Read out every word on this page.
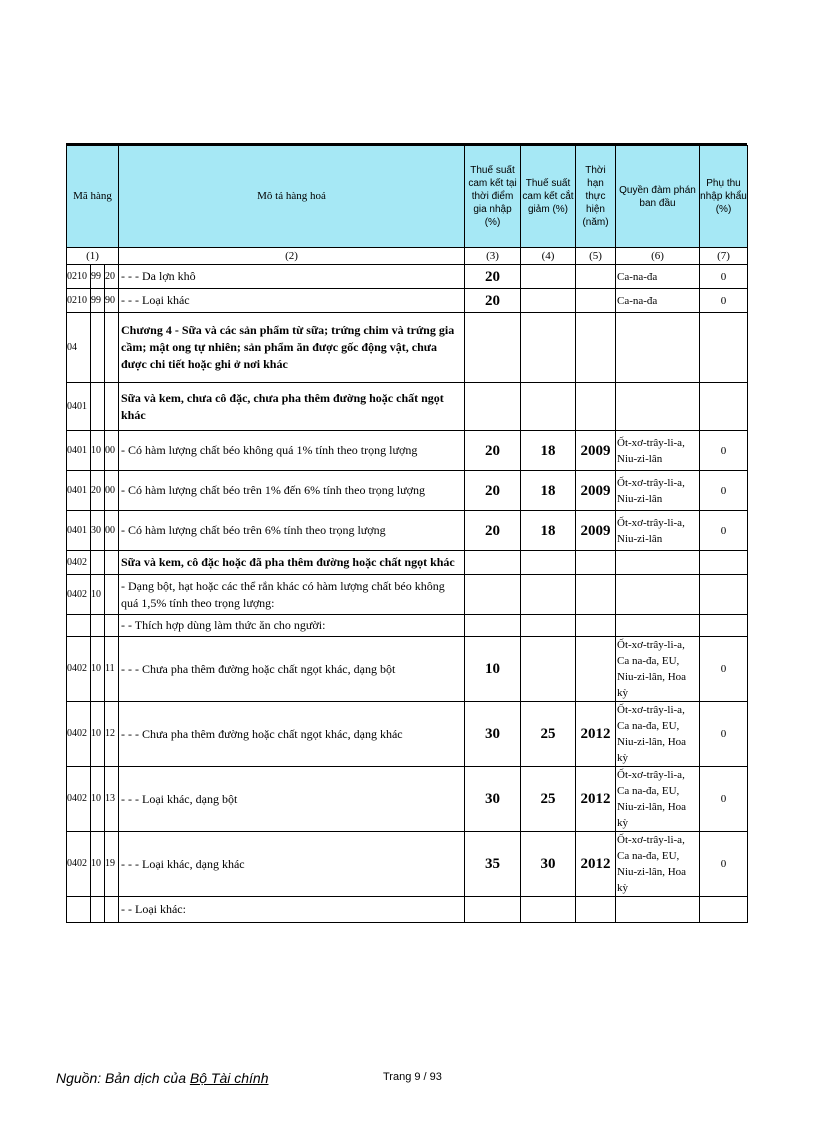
Mã hàng			Mô tả hàng hoá	Thuế suất cam kết tại thời điểm gia nhập (%)	Thuế suất cam kết cắt giảm (%)	Thời hạn thực hiện (năm)	Quyền đàm phán ban đầu	Phụ thu nhập khẩu (%)
(1)			(2)	(3)	(4)	(5)	(6)	(7)
0210	99	20	- - - Da lợn khô	20			Ca-na-đa	0
0210	99	90	- - - Loại khác	20			Ca-na-đa	0
04			Chương 4 - Sữa và các sản phẩm từ sữa; trứng chim và trứng gia cầm; mật ong tự nhiên; sản phẩm ăn được gốc động vật, chưa được chi tiết hoặc ghi ở nơi khác					
0401			Sữa và kem, chưa cô đặc, chưa pha thêm đường hoặc chất ngọt khác					
0401	10	00	- Có hàm lượng chất béo không quá 1% tính theo trọng lượng	20	18	2009	Ốt-xơ-trây-li-a, Niu-zi-lân	0
0401	20	00	- Có hàm lượng chất béo trên 1% đến 6% tính theo trọng lượng	20	18	2009	Ốt-xơ-trây-li-a, Niu-zi-lân	0
0401	30	00	- Có hàm lượng chất béo trên 6% tính theo trọng lượng	20	18	2009	Ốt-xơ-trây-li-a, Niu-zi-lân	0
0402			Sữa và kem, cô đặc hoặc đã pha thêm đường hoặc chất ngọt khác					
0402	10		- Dạng bột, hạt hoặc các thể rắn khác có hàm lượng chất béo không quá 1,5% tính theo trọng lượng:					
			- - Thích hợp dùng làm thức ăn cho người:					
0402	10	11	- - - Chưa pha thêm đường hoặc chất ngọt khác, dạng bột	10			Ốt-xơ-trây-li-a, Ca na-đa, EU, Niu-zi-lân, Hoa kỳ	0
0402	10	12	- - - Chưa pha thêm đường hoặc chất ngọt khác, dạng khác	30	25	2012	Ốt-xơ-trây-li-a, Ca na-đa, EU, Niu-zi-lân, Hoa kỳ	0
0402	10	13	- - - Loại khác, dạng bột	30	25	2012	Ốt-xơ-trây-li-a, Ca na-đa, EU, Niu-zi-lân, Hoa kỳ	0
0402	10	19	- - - Loại khác, dạng khác	35	30	2012	Ốt-xơ-trây-li-a, Ca na-đa, EU, Niu-zi-lân, Hoa kỳ	0
			- - Loại khác:					
Nguồn: Bản dịch của Bộ Tài chính	Trang 9 / 93
